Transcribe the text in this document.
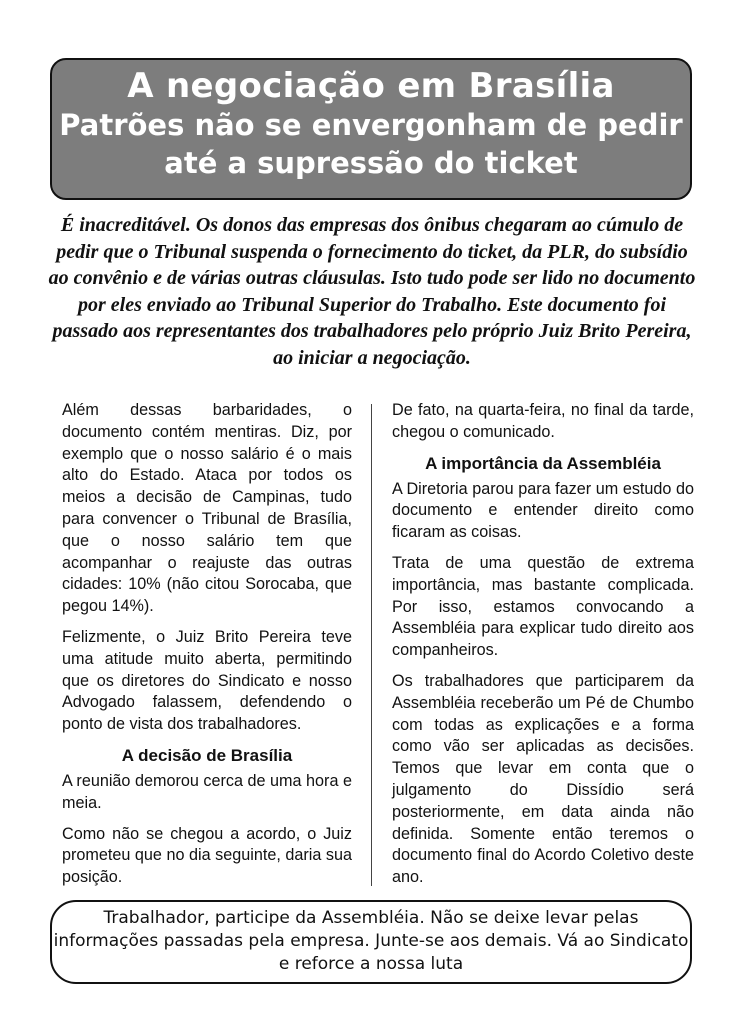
A negociação em Brasília
Patrões não se envergonham de pedir
até a supressão do ticket
É inacreditável. Os donos das empresas dos ônibus chegaram ao cúmulo de pedir que o Tribunal suspenda o fornecimento do ticket, da PLR, do subsídio ao convênio e de várias outras cláusulas. Isto tudo pode ser lido no documento por eles enviado ao Tribunal Superior do Trabalho. Este documento foi passado aos representantes dos trabalhadores pelo próprio Juiz Brito Pereira, ao iniciar a negociação.

Além dessas barbaridades, o documento contém mentiras. Diz, por exemplo que o nosso salário é o mais alto do Estado. Ataca por todos os meios a decisão de Campinas, tudo para convencer o Tribunal de Brasília, que o nosso salário tem que acompanhar o reajuste das outras cidades: 10% (não citou Sorocaba, que pegou 14%).

Felizmente, o Juiz Brito Pereira teve uma atitude muito aberta, permitindo que os diretores do Sindicato e nosso Advogado falassem, defendendo o ponto de vista dos trabalhadores.

A decisão de Brasília

A reunião demorou cerca de uma hora e meia.

Como não se chegou a acordo, o Juiz prometeu que no dia seguinte, daria sua posição.

De fato, na quarta-feira, no final da tarde, chegou o comunicado.

A importância da Assembléia

A Diretoria parou para fazer um estudo do documento e entender direito como ficaram as coisas.

Trata de uma questão de extrema importância, mas bastante complicada. Por isso, estamos convocando a Assembléia para explicar tudo direito aos companheiros.

Os trabalhadores que participarem da Assembléia receberão um Pé de Chumbo com todas as explicações e a forma como vão ser aplicadas as decisões. Temos que levar em conta que o julgamento do Dissídio será posteriormente, em data ainda não definida. Somente então teremos o documento final do Acordo Coletivo deste ano.

Trabalhador, participe da Assembléia. Não se deixe levar pelas informações passadas pela empresa. Junte-se aos demais. Vá ao Sindicato e reforce a nossa luta
